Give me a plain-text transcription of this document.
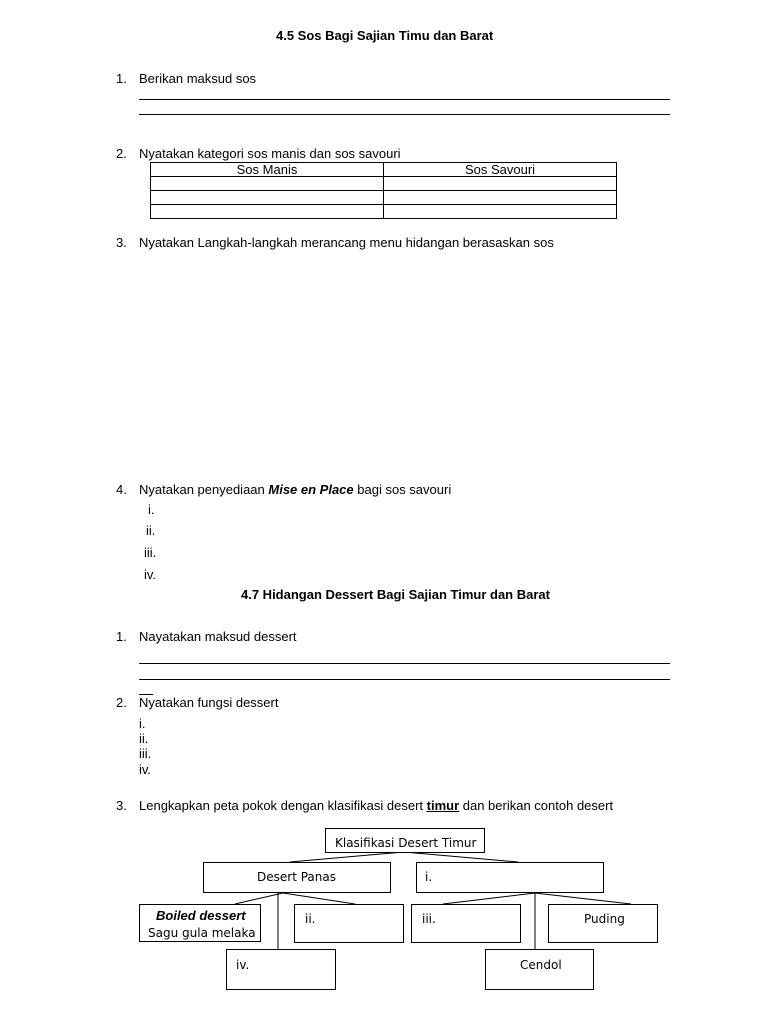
4.5 Sos Bagi Sajian Timu dan Barat
1. Berikan maksud sos
2. Nyatakan kategori sos manis dan sos savouri
Sos Manis	Sos Savouri

3. Nyatakan Langkah-langkah merancang menu hidangan berasaskan sos
4. Nyatakan penyediaan Mise en Place bagi sos savouri
i.
ii.
iii.
iv.
4.7 Hidangan Dessert Bagi Sajian Timur dan Barat
1. Nayatakan maksud dessert
2. Nyatakan fungsi dessert
i.
ii.
iii.
iv.
3. Lengkapkan peta pokok dengan klasifikasi desert timur dan berikan contoh desert
Klasifikasi Desert Timur
Desert Panas	i.
Boiled dessert
Sagu gula melaka
ii.	iii.	Puding
iv.	Cendol
